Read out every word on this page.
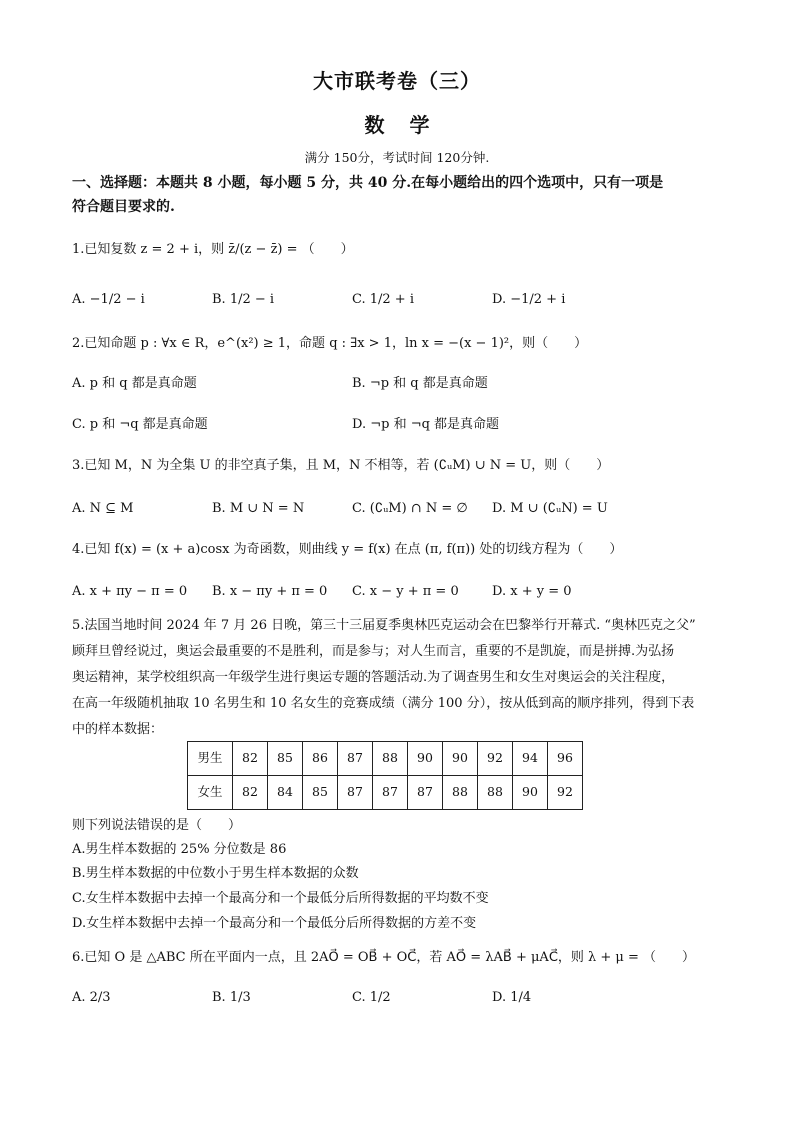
大市联考卷（三）
数 学
满分 150分，考试时间 120分钟.
一、选择题：本题共 8 小题，每小题 5 分，共 40 分.在每小题给出的四个选项中，只有一项是
符合题目要求的.
1.已知复数 z = 2 + i，则 z̄/(z − z̄) = （　　）
A. −1/2 − i	B. 1/2 − i	C. 1/2 + i	D. −1/2 + i
2.已知命题 p : ∀x ∈ R，e^(x²) ≥ 1，命题 q : ∃x > 1，ln x = −(x − 1)²，则（　　）
A. p 和 q 都是真命题	B. ¬p 和 q 都是真命题
C. p 和 ¬q 都是真命题	D. ¬p 和 ¬q 都是真命题
3.已知 M，N 为全集 U 的非空真子集，且 M，N 不相等，若 (∁ᵤM) ∪ N = U，则（　　）
A. N ⊆ M	B. M ∪ N = N	C. (∁ᵤM) ∩ N = ∅ D. M ∪ (∁ᵤN) = U
4.已知 f(x) = (x + a)cosx 为奇函数，则曲线 y = f(x) 在点 (π, f(π)) 处的切线方程为（　　）
A. x + πy − π = 0 B. x − πy + π = 0 C. x − y + π = 0	D. x + y = 0
5.法国当地时间 2024 年 7 月 26 日晚，第三十三届夏季奥林匹克运动会在巴黎举行开幕式. “奥林匹克之父”
顾拜旦曾经说过，奥运会最重要的不是胜利，而是参与；对人生而言，重要的不是凯旋，而是拼搏.为弘扬
奥运精神，某学校组织高一年级学生进行奥运专题的答题活动.为了调查男生和女生对奥运会的关注程度，
在高一年级随机抽取 10 名男生和 10 名女生的竞赛成绩（满分 100 分），按从低到高的顺序排列，得到下表
中的样本数据：
男生	82	85	86	87	88	90	90	92	94	96
女生	82	84	85	87	87	87	88	88	90	92
则下列说法错误的是（　　）
A.男生样本数据的 25% 分位数是 86
B.男生样本数据的中位数小于男生样本数据的众数
C.女生样本数据中去掉一个最高分和一个最低分后所得数据的平均数不变
D.女生样本数据中去掉一个最高分和一个最低分后所得数据的方差不变
6.已知 O 是 △ABC 所在平面内一点，且 2AO⃗ = OB⃗ + OC⃗，若 AO⃗ = λAB⃗ + μAC⃗，则 λ + μ = （　　）
A. 2/3	B. 1/3	C. 1/2	D. 1/4
